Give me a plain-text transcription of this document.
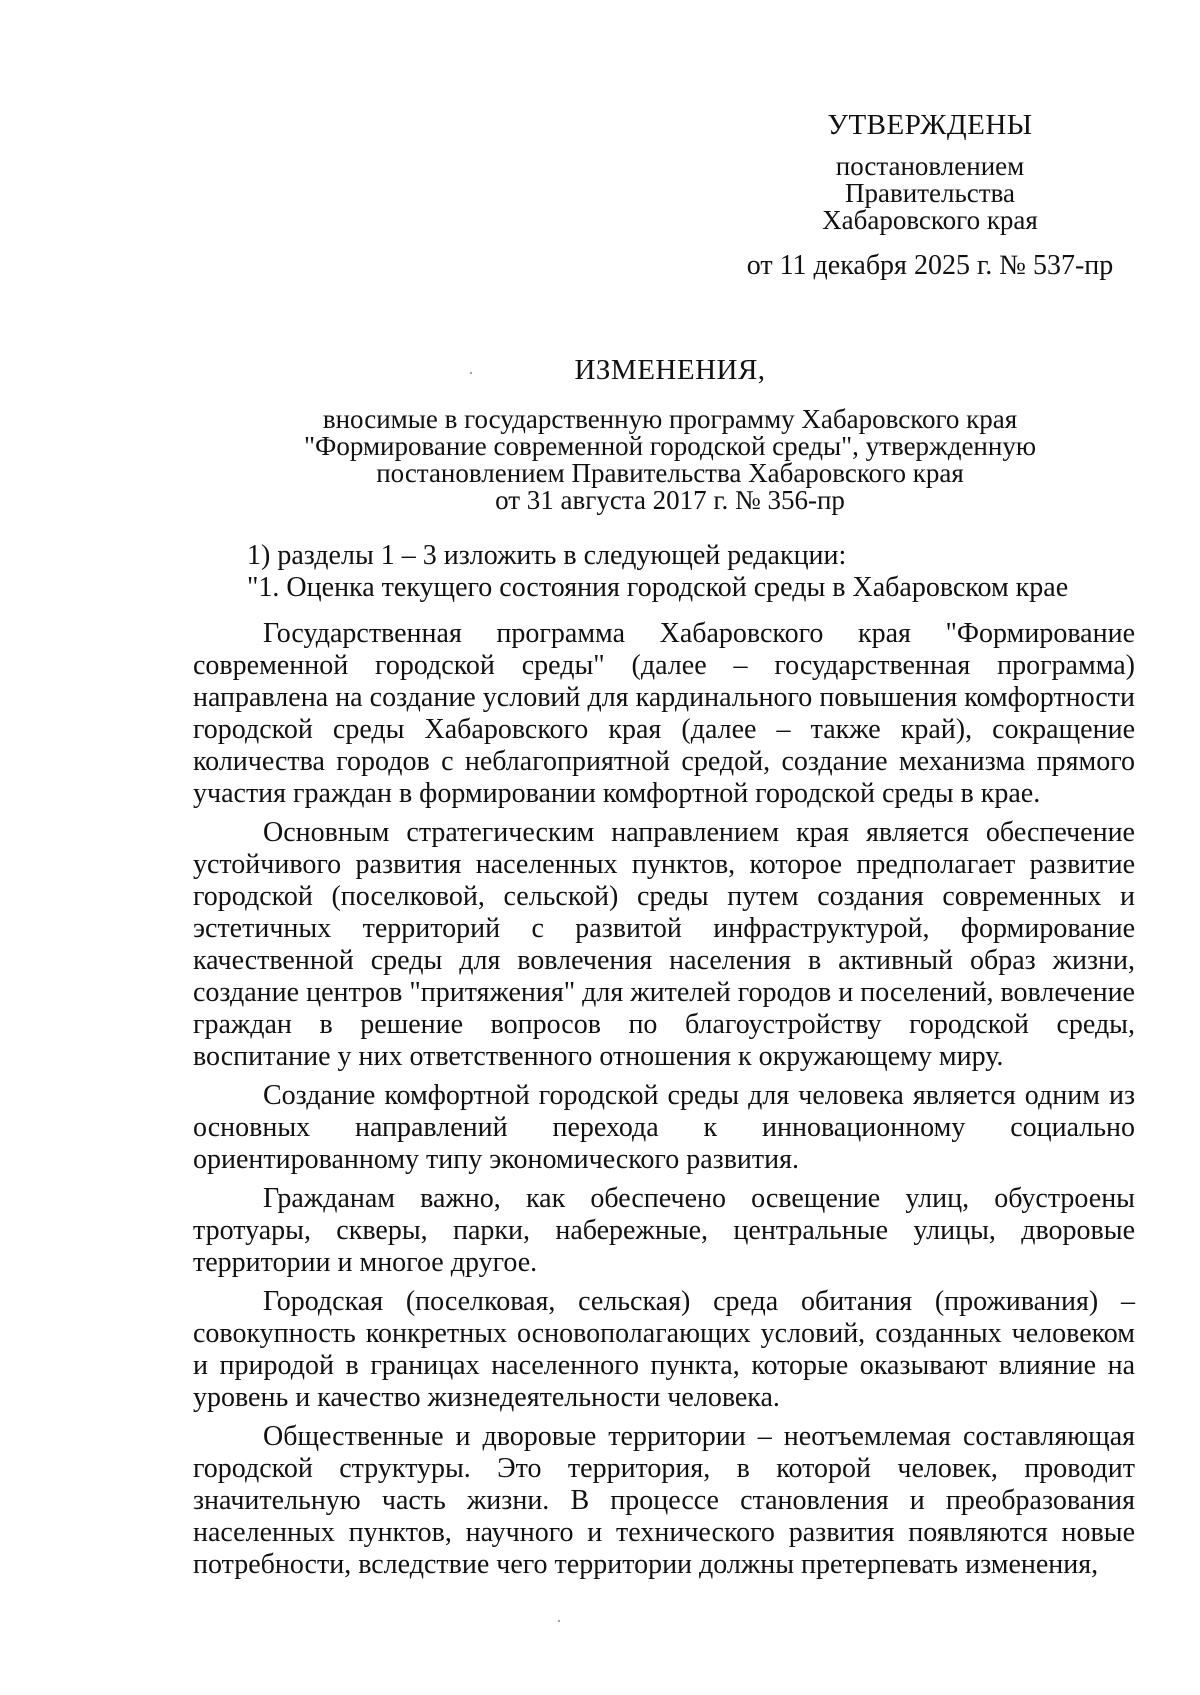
УТВЕРЖДЕНЫ
постановлением
Правительства
Хабаровского края
от 11 декабря 2025 г. № 537-пр
ИЗМЕНЕНИЯ,
вносимые в государственную программу Хабаровского края
"Формирование современной городской среды", утвержденную
постановлением Правительства Хабаровского края
от 31 августа 2017 г. № 356-пр

1) разделы 1 – 3 изложить в следующей редакции:

"1. Оценка текущего состояния городской среды в Хабаровском крае

Государственная программа Хабаровского края "Формирование современной городской среды" (далее – государственная программа) направлена на создание условий для кардинального повышения комфортности городской среды Хабаровского края (далее – также край), сокращение количества городов с неблагоприятной средой, создание механизма прямого участия граждан в формировании комфортной городской среды в крае.

Основным стратегическим направлением края является обеспечение устойчивого развития населенных пунктов, которое предполагает развитие городской (поселковой, сельской) среды путем создания современных и эстетичных территорий с развитой инфраструктурой, формирование качественной среды для вовлечения населения в активный образ жизни, создание центров "притяжения" для жителей городов и поселений, вовлечение граждан в решение вопросов по благоустройству городской среды, воспитание у них ответственного отношения к окружающему миру.

Создание комфортной городской среды для человека является одним из основных направлений перехода к инновационному социально ориентированному типу экономического развития.

Гражданам важно, как обеспечено освещение улиц, обустроены тротуары, скверы, парки, набережные, центральные улицы, дворовые территории и многое другое.

Городская (поселковая, сельская) среда обитания (проживания) – совокупность конкретных основополагающих условий, созданных человеком и природой в границах населенного пункта, которые оказывают влияние на уровень и качество жизнедеятельности человека.

Общественные и дворовые территории – неотъемлемая составляющая городской структуры. Это территория, в которой человек, проводит значительную часть жизни. В процессе становления и преобразования населенных пунктов, научного и технического развития появляются новые потребности, вследствие чего территории должны претерпевать изменения,
